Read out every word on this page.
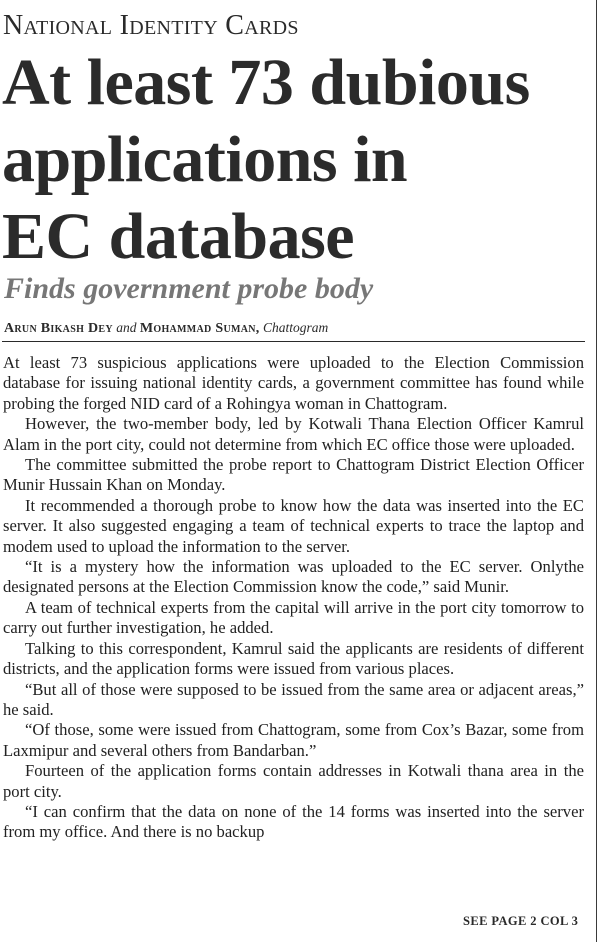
National Identity Cards
At least 73 dubious
applications in
EC database
Finds government probe body
Arun Bikash Dey and Mohammad Suman, Chattogram

At least 73 suspicious applications were uploaded to the Election Commission database for issuing national identity cards, a government committee has found while probing the forged NID card of a Rohingya woman in Chattogram.

However, the two-member body, led by Kotwali Thana Election Officer Kamrul Alam in the port city, could not determine from which EC office those were uploaded.

The committee submitted the probe report to Chattogram District Election Officer Munir Hussain Khan on Monday.

It recommended a thorough probe to know how the data was inserted into the EC server. It also suggested engaging a team of technical experts to trace the laptop and modem used to upload the information to the server.

“It is a mystery how the information was uploaded to the EC server. Onlythe designated persons at the Election Commission know the code,” said Munir.

A team of technical experts from the capital will arrive in the port city tomorrow to carry out further investigation, he added.

Talking to this correspondent, Kamrul said the applicants are residents of different districts, and the application forms were issued from various places.

“But all of those were supposed to be issued from the same area or adjacent areas,” he said.

“Of those, some were issued from Chattogram, some from Cox’s Bazar, some from Laxmipur and several others from Bandarban.”

Fourteen of the application forms contain addresses in Kotwali thana area in the port city.

“I can confirm that the data on none of the 14 forms was inserted into the server from my office. And there is no backup

SEE PAGE 2 COL 3
